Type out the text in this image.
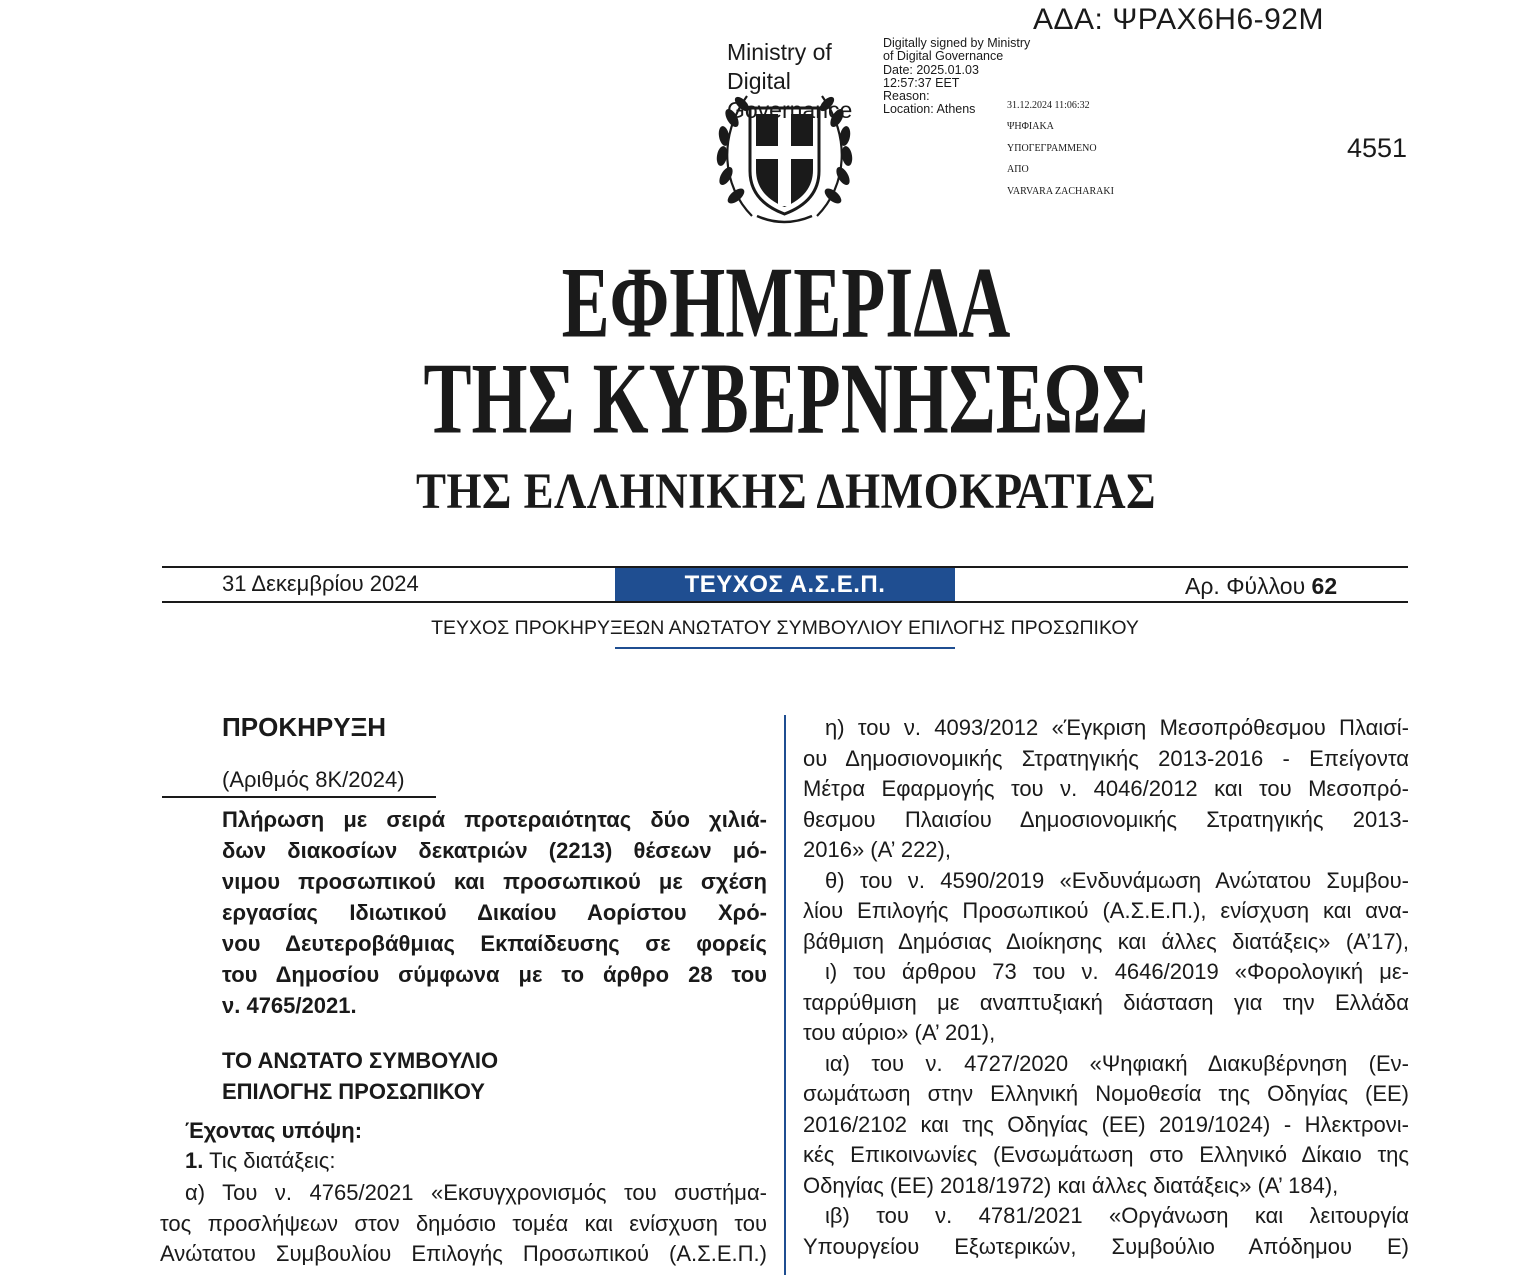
ΑΔΑ: ΨΡΑΧ6Η6-92Μ
Ministry of Digital Governance
Digitally signed by Ministry
of Digital Governance
Date: 2025.01.03
12:57:37 EET
Reason:
Location: Athens	31.12.2024 11:06:32
ΨΗΦΙΑΚΑ
ΥΠΟΓΕΓΡΑΜΜΕΝΟ
ΑΠΟ
VARVARA ZACHARAKI
4551
ΕΦΗΜΕΡΙΔΑ
ΤΗΣ ΚΥΒΕΡΝΗΣΕΩΣ
ΤΗΣ ΕΛΛΗΝΙΚΗΣ ΔΗΜΟΚΡΑΤΙΑΣ
31 Δεκεμβρίου 2024	ΤΕΥΧΟΣ Α.Σ.Ε.Π.	Αρ. Φύλλου 62
ΤΕΥΧΟΣ ΠΡΟΚΗΡΥΞΕΩΝ ΑΝΩΤΑΤΟΥ ΣΥΜΒΟΥΛΙΟΥ ΕΠΙΛΟΓΗΣ ΠΡΟΣΩΠΙΚΟΥ
ΠΡΟΚΗΡΥΞΗ
(Αριθμός 8Κ/2024)
Πλήρωση με σειρά προτεραιότητας δύο χιλιά-
δων διακοσίων δεκατριών (2213) θέσεων μό-
νιμου προσωπικού και προσωπικού με σχέση
εργασίας Ιδιωτικού Δικαίου Αορίστου Χρό-
νου Δευτεροβάθμιας Εκπαίδευσης σε φορείς
του Δημοσίου σύμφωνα με το άρθρο 28 του
ν. 4765/2021.
ΤΟ ΑΝΩΤΑΤΟ ΣΥΜΒΟΥΛΙΟ
ΕΠΙΛΟΓΗΣ ΠΡΟΣΩΠΙΚΟΥ
Έχοντας υπόψη:
1. Τις διατάξεις:
α) Του ν. 4765/2021 «Εκσυγχρονισμός του συστήμα-
τος προσλήψεων στον δημόσιο τομέα και ενίσχυση του
Ανώτατου Συμβουλίου Επιλογής Προσωπικού (Α.Σ.Ε.Π.)
η) του ν. 4093/2012 «Έγκριση Μεσοπρόθεσμου Πλαισί-
ου Δημοσιονομικής Στρατηγικής 2013-2016 - Επείγοντα
Μέτρα Εφαρμογής του ν. 4046/2012 και του Μεσοπρό-
θεσμου Πλαισίου Δημοσιονομικής Στρατηγικής 2013-
2016» (Α’ 222),
θ) του ν. 4590/2019 «Ενδυνάμωση Ανώτατου Συμβου-
λίου Επιλογής Προσωπικού (Α.Σ.Ε.Π.), ενίσχυση και ανα-
βάθμιση Δημόσιας Διοίκησης και άλλες διατάξεις» (Α’17),
ι) του άρθρου 73 του ν. 4646/2019 «Φορολογική με-
ταρρύθμιση με αναπτυξιακή διάσταση για την Ελλάδα
του αύριο» (Α’ 201),
ια) του ν. 4727/2020 «Ψηφιακή Διακυβέρνηση (Εν-
σωμάτωση στην Ελληνική Νομοθεσία της Οδηγίας (ΕΕ)
2016/2102 και της Οδηγίας (ΕΕ) 2019/1024) - Ηλεκτρονι-
κές Επικοινωνίες (Ενσωμάτωση στο Ελληνικό Δίκαιο της
Οδηγίας (ΕΕ) 2018/1972) και άλλες διατάξεις» (Α’ 184),
ιβ) του ν. 4781/2021 «Οργάνωση και λειτουργία
Υπουργείου Εξωτερικών, Συμβούλιο Απόδημου Ε)
